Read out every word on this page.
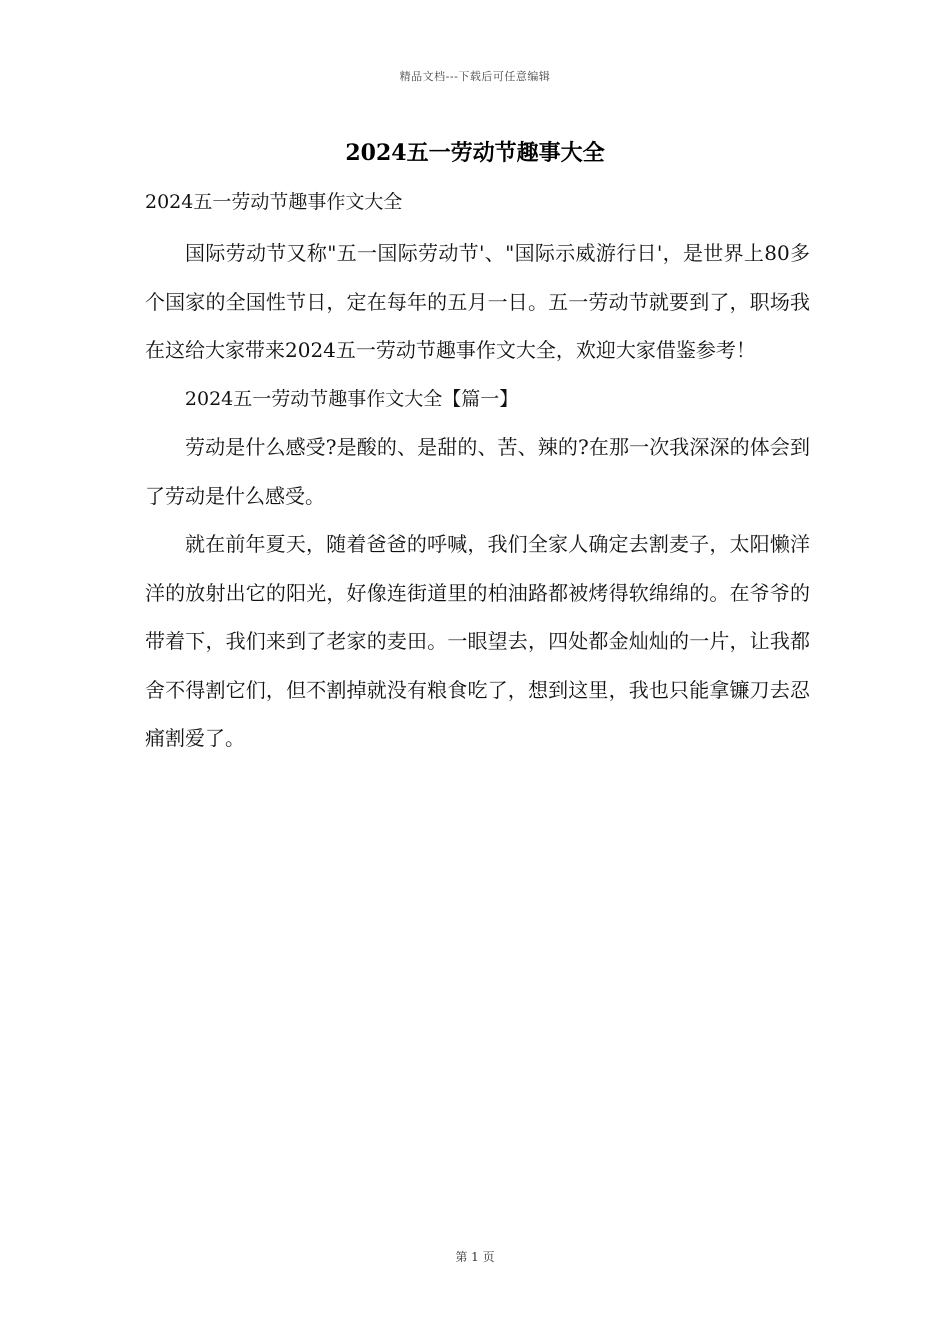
精品文档---下载后可任意编辑
2024五一劳动节趣事大全
2024五一劳动节趣事作文大全

国际劳动节又称"五一国际劳动节'、"国际示威游行日'，是世界上80多个国家的全国性节日，定在每年的五月一日。五一劳动节就要到了，职场我在这给大家带来2024五一劳动节趣事作文大全，欢迎大家借鉴参考！

2024五一劳动节趣事作文大全【篇一】

劳动是什么感受?是酸的、是甜的、苦、辣的?在那一次我深深的体会到了劳动是什么感受。

就在前年夏天，随着爸爸的呼喊，我们全家人确定去割麦子，太阳懒洋洋的放射出它的阳光，好像连街道里的柏油路都被烤得软绵绵的。在爷爷的带着下，我们来到了老家的麦田。一眼望去，四处都金灿灿的一片，让我都舍不得割它们，但不割掉就没有粮食吃了，想到这里，我也只能拿镰刀去忍痛割爱了。

第 1 页
